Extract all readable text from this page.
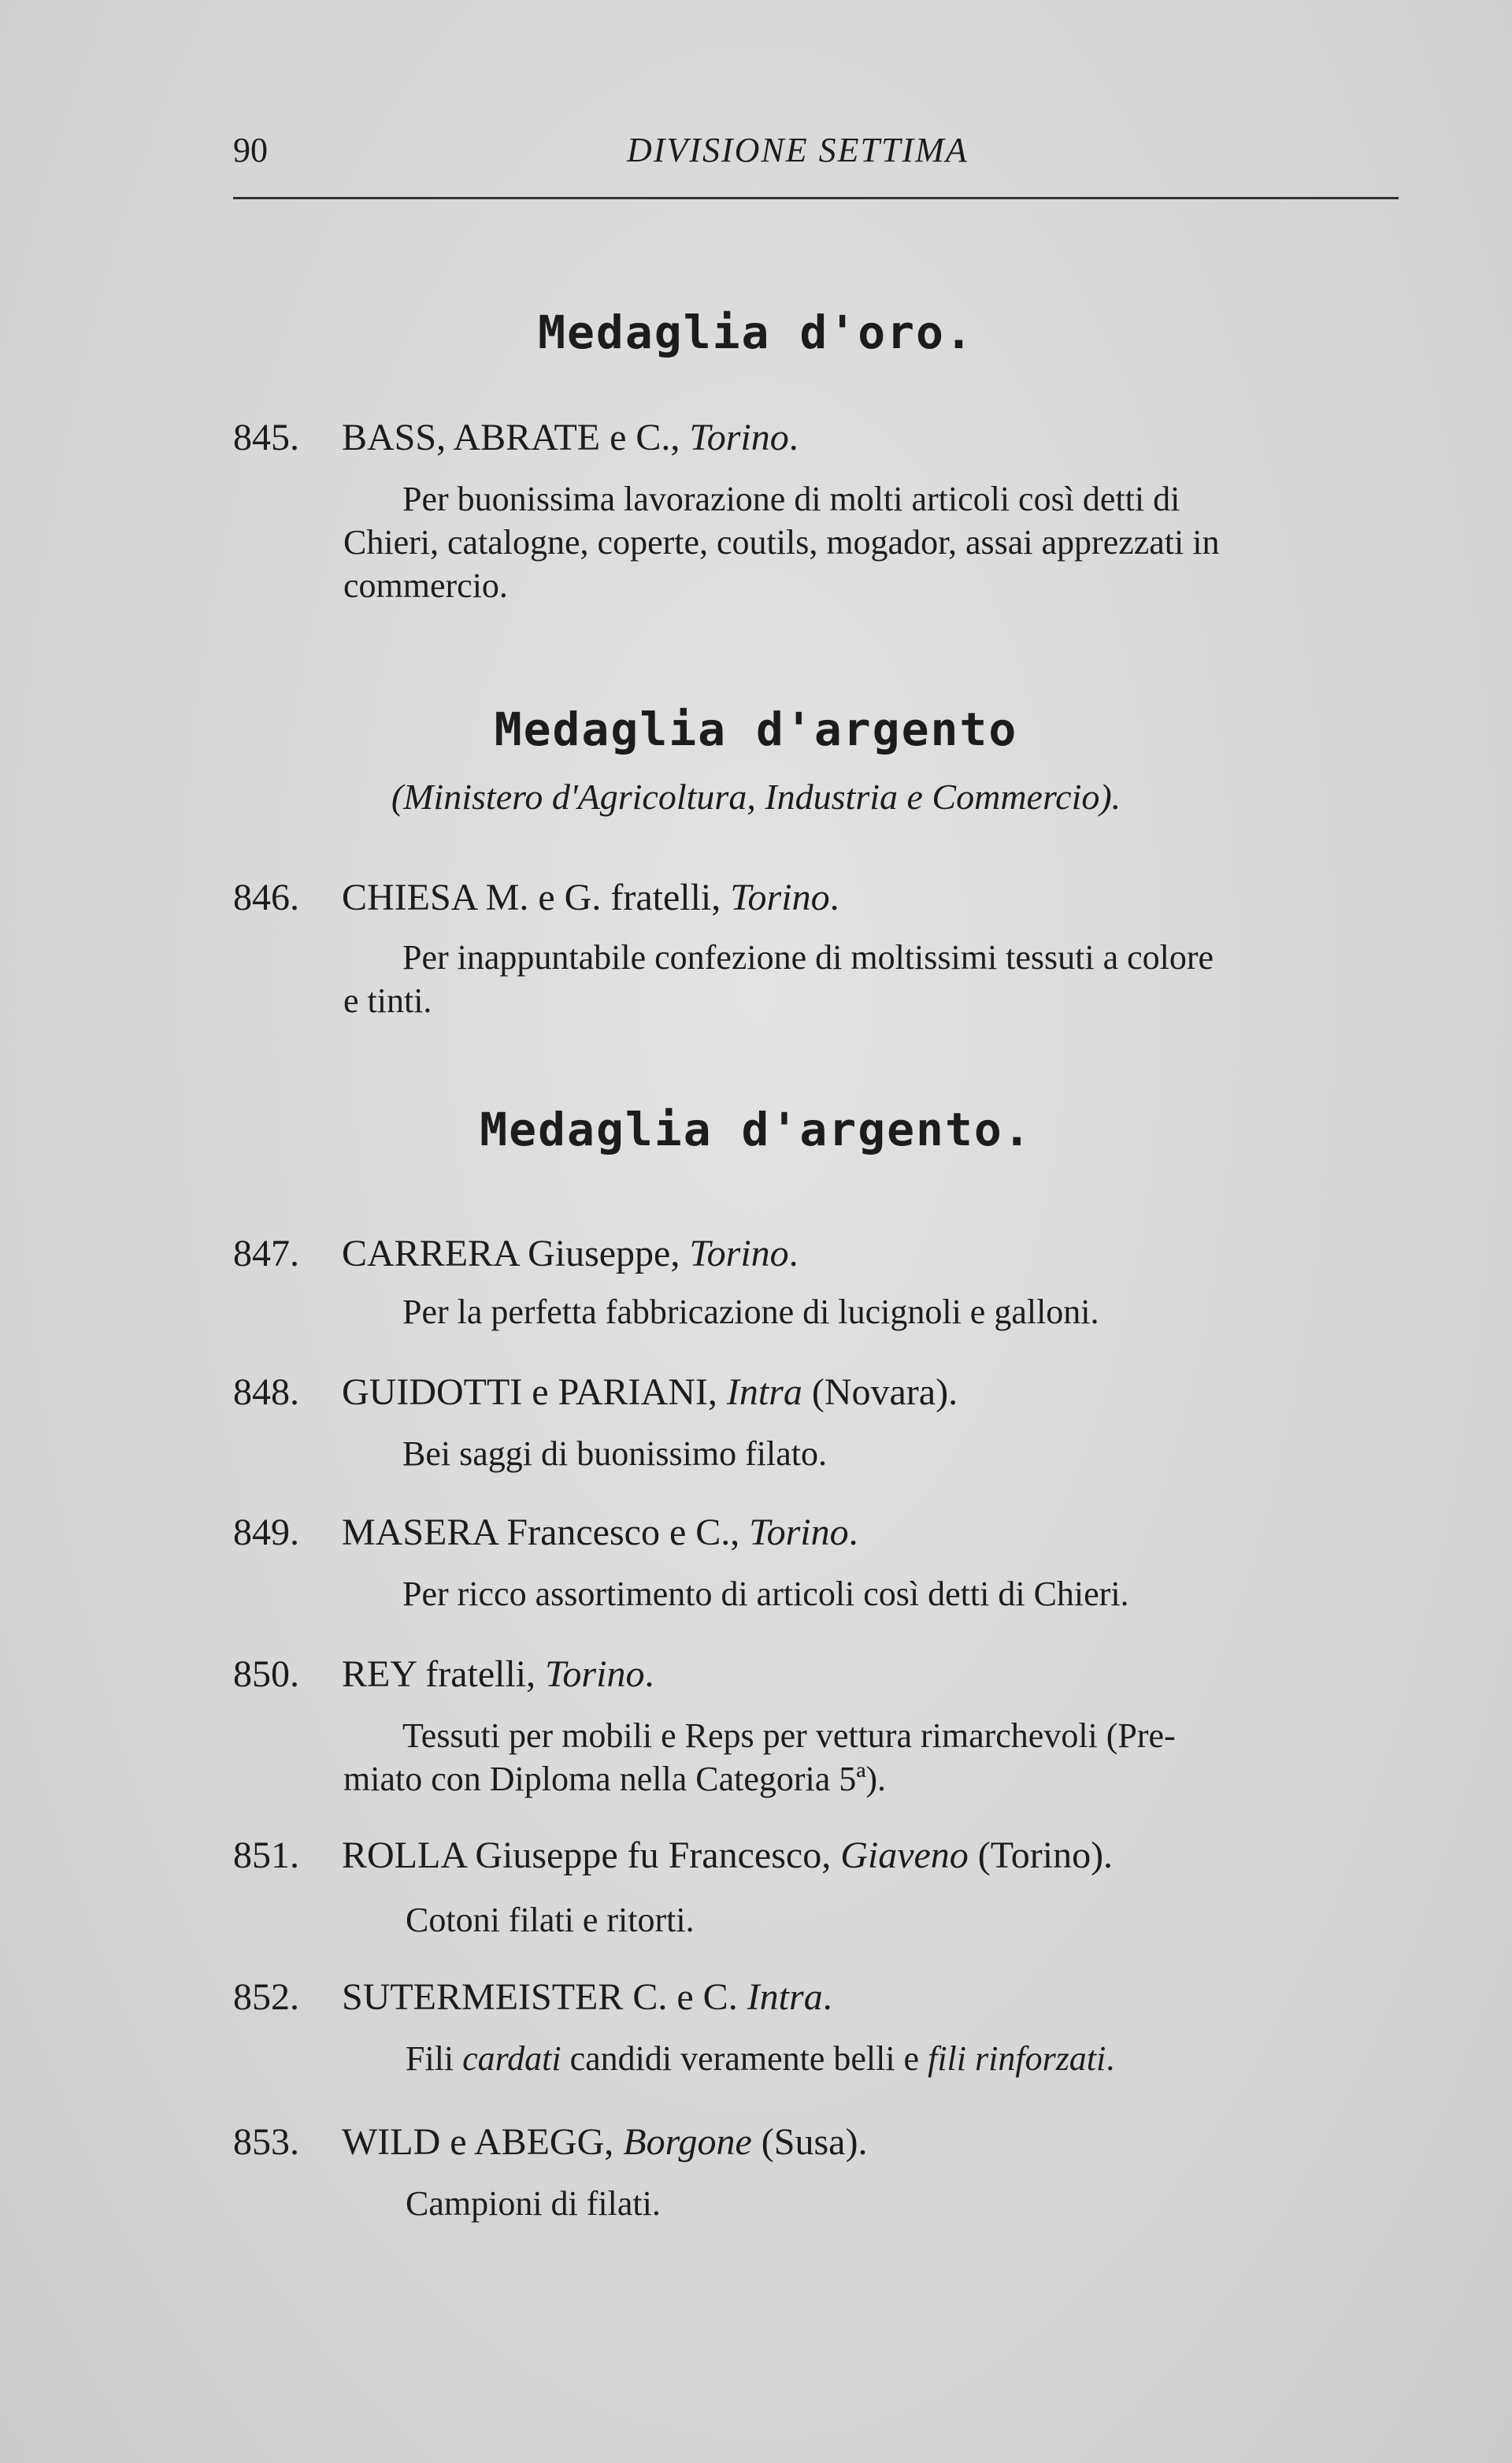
90	DIVISIONE SETTIMA
Medaglia d'oro.
845. BASS, ABRATE e C., Torino.
Per buonissima lavorazione di molti articoli così detti di
Chieri, catalogne, coperte, coutils, mogador, assai apprezzati in
commercio.
Medaglia d'argento
(Ministero d'Agricoltura, Industria e Commercio).
846. CHIESA M. e G. fratelli, Torino.
Per inappuntabile confezione di moltissimi tessuti a colore
e tinti.
Medaglia d'argento.
847. CARRERA Giuseppe, Torino.
Per la perfetta fabbricazione di lucignoli e galloni.
848. GUIDOTTI e PARIANI, Intra (Novara).
Bei saggi di buonissimo filato.
849. MASERA Francesco e C., Torino.
Per ricco assortimento di articoli così detti di Chieri.
850. REY fratelli, Torino.
Tessuti per mobili e Reps per vettura rimarchevoli (Pre-
miato con Diploma nella Categoria 5ª).
851. ROLLA Giuseppe fu Francesco, Giaveno (Torino).
Cotoni filati e ritorti.
852. SUTERMEISTER C. e C. Intra.
Fili cardati candidi veramente belli e fili rinforzati.
853. WILD e ABEGG, Borgone (Susa).
Campioni di filati.
